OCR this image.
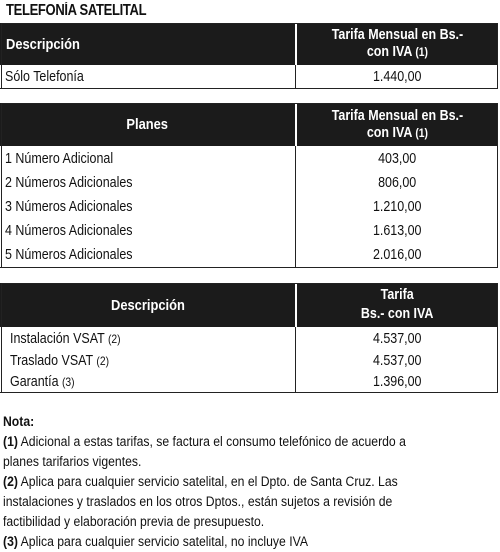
TELEFONÍA SATELITAL
Descripción
Tarifa Mensual en Bs.-
con IVA (1)
Sólo Telefonía	1.440,00
Planes
Tarifa Mensual en Bs.-
con IVA (1)
1 Número Adicional	403,00
2 Números Adicionales	806,00
3 Números Adicionales	1.210,00
4 Números Adicionales	1.613,00
5 Números Adicionales	2.016,00
Descripción
Tarifa
Bs.- con IVA
Instalación VSAT (2)	4.537,00
Traslado VSAT (2)	4.537,00
Garantía (3)	1.396,00
Nota:
(1) Adicional a estas tarifas, se factura el consumo telefónico de acuerdo a
planes tarifarios vigentes.
(2) Aplica para cualquier servicio satelital, en el Dpto. de Santa Cruz. Las
instalaciones y traslados en los otros Dptos., están sujetos a revisión de
factibilidad y elaboración previa de presupuesto.
(3) Aplica para cualquier servicio satelital, no incluye IVA
